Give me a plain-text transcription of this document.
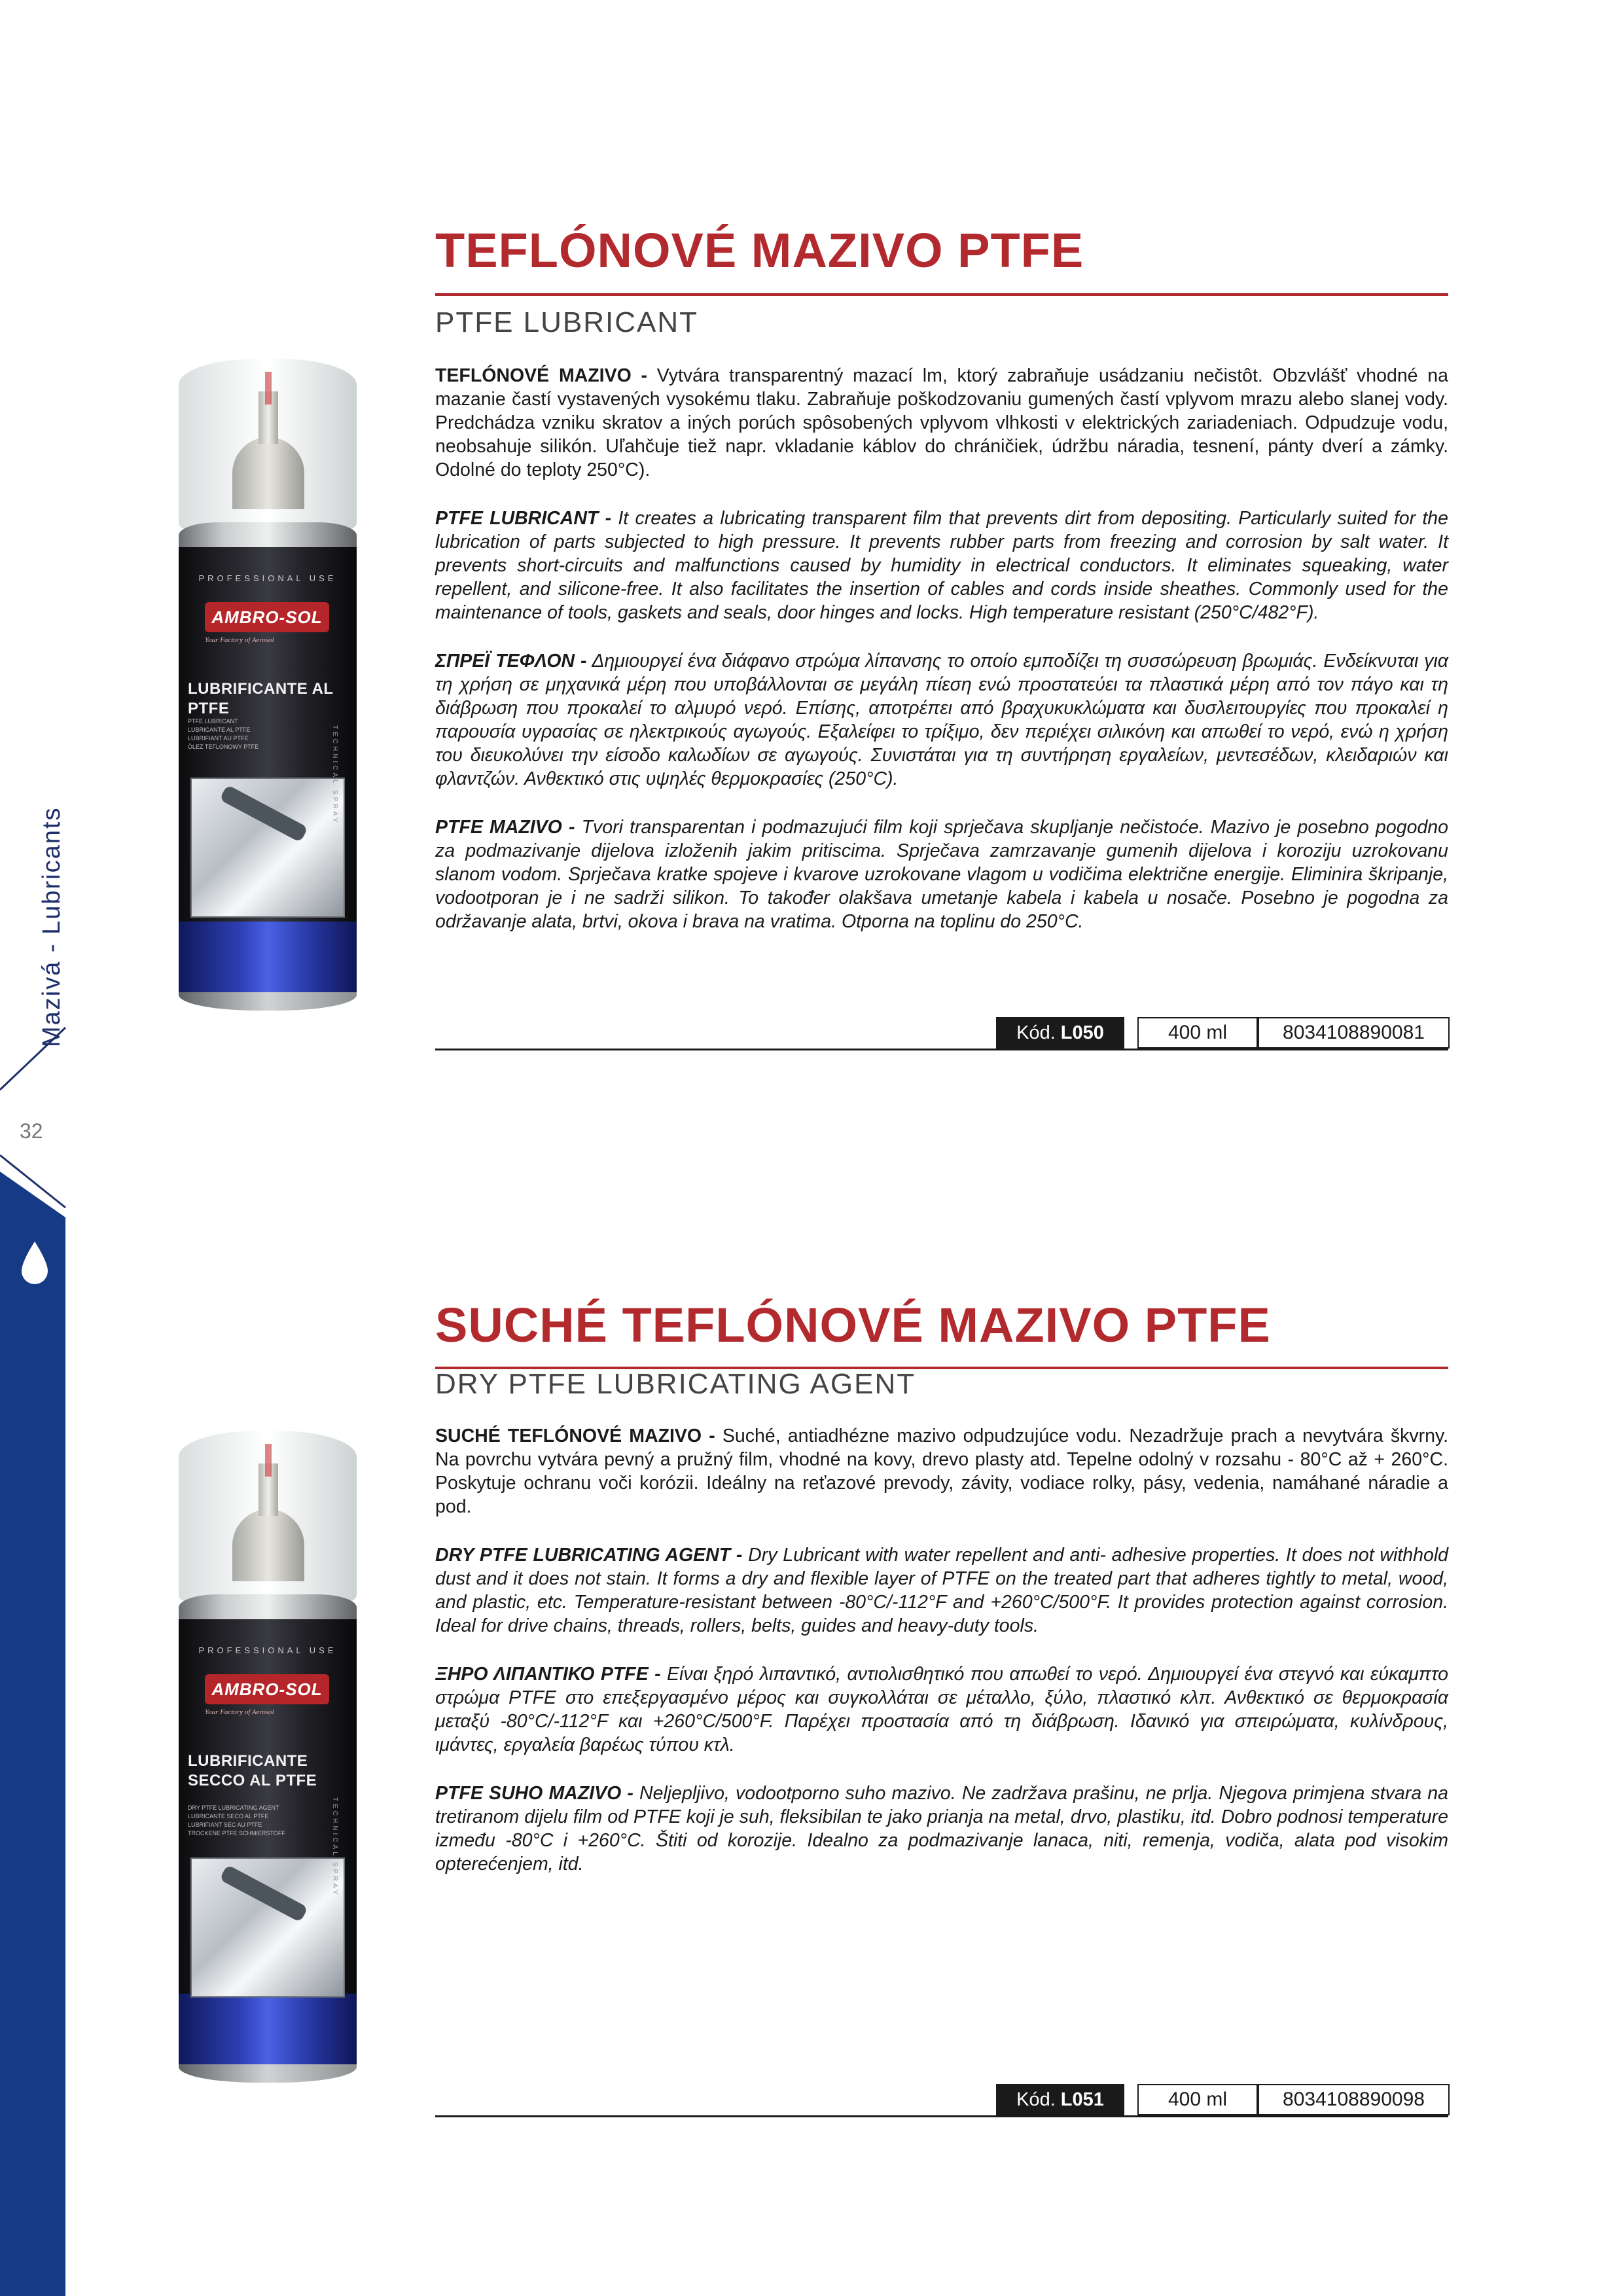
Mazivá - Lubricants
32
TEFLÓNOVÉ MAZIVO PTFE
PTFE LUBRICANT
PROFESSIONAL USE
AMBRO-SOL
Your Factory of Aerosol
LUBRIFICANTE AL PTFE
PTFE LUBRICANT
LUBRICANTE AL PTFE
LUBRIFIANT AU PTFE
ÖLEZ TEFLONOWY PTFE	TECHNICAL SPRAY

TEFLÓNOVÉ MAZIVO - Vytvára transparentný mazací lm, ktorý zabraňuje usádzaniu nečistôt. Obzvlášť vhodné na mazanie častí vystavených vysokému tlaku. Zabraňuje poškodzovaniu gumených častí vplyvom mrazu alebo slanej vody. Predchádza vzniku skratov a iných porúch spôsobených vplyvom vlhkosti v elektrických zariadeniach. Odpudzuje vodu, neobsahuje silikón. Uľahčuje tiež napr. vkladanie káblov do chráničiek, údržbu náradia, tesnení, pánty dverí a zámky. Odolné do teploty 250°C).

PTFE LUBRICANT - It creates a lubricating transparent film that prevents dirt from depositing. Particularly suited for the lubrication of parts subjected to high pressure. It prevents rubber parts from freezing and corrosion by salt water. It prevents short-circuits and malfunctions caused by humidity in electrical conductors. It eliminates squeaking, water repellent, and silicone-free. It also facilitates the insertion of cables and cords inside sheathes. Commonly used for the maintenance of tools, gaskets and seals, door hinges and locks. High temperature resistant (250°C/482°F).

ΣΠΡΕΪ ΤΕΦΛΟΝ - Δημιουργεί ένα διάφανο στρώμα λίπανσης το οποίο εμποδίζει τη συσσώρευση βρωμιάς. Ενδείκνυται για τη χρήση σε μηχανικά μέρη που υποβάλλονται σε μεγάλη πίεση ενώ προστατεύει τα πλαστικά μέρη από τον πάγο και τη διάβρωση που προκαλεί το αλμυρό νερό. Επίσης, αποτρέπει από βραχυκυκλώματα και δυσλειτουργίες που προκαλεί η παρουσία υγρασίας σε ηλεκτρικούς αγωγούς. Εξαλείφει το τρίξιμο, δεν περιέχει σιλικόνη και απωθεί το νερό, ενώ η χρήση του διευκολύνει την είσοδο καλωδίων σε αγωγούς. Συνιστάται για τη συντήρηση εργαλείων, μεντεσέδων, κλειδαριών και φλαντζών. Ανθεκτικό στις υψηλές θερμοκρασίες (250°C).

PTFE MAZIVO - Tvori transparentan i podmazujući film koji sprječava skupljanje nečistoće. Mazivo je posebno pogodno za podmazivanje dijelova izloženih jakim pritiscima. Sprječava zamrzavanje gumenih dijelova i koroziju uzrokovanu slanom vodom. Sprječava kratke spojeve i kvarove uzrokovane vlagom u vodičima električne energije. Eliminira škripanje, vodootporan je i ne sadrži silikon. To također olakšava umetanje kabela i kabela u nosače. Posebno je pogodna za održavanje alata, brtvi, okova i brava na vratima. Otporna na toplinu do 250°C.

Kód. L050	400 ml	8034108890081
SUCHÉ TEFLÓNOVÉ MAZIVO PTFE
DRY PTFE LUBRICATING AGENT
PROFESSIONAL USE
AMBRO-SOL
Your Factory of Aerosol
LUBRIFICANTE
SECCO AL PTFE
DRY PTFE LUBRICATING AGENT
LUBRICANTE SECO AL PTFE
LUBRIFIANT SEC AU PTFE
TROCKENE PTFE SCHMIERSTOFF	TECHNICAL SPRAY

SUCHÉ TEFLÓNOVÉ MAZIVO - Suché, antiadhézne mazivo odpudzujúce vodu. Nezadržuje prach a nevytvára škvrny. Na povrchu vytvára pevný a pružný film, vhodné na kovy, drevo plasty atd. Tepelne odolný v rozsahu - 80°C až + 260°C. Poskytuje ochranu voči korózii. Ideálny na reťazové prevody, závity, vodiace rolky, pásy, vedenia, namáhané náradie a pod.

DRY PTFE LUBRICATING AGENT - Dry Lubricant with water repellent and anti- adhesive properties. It does not withhold dust and it does not stain. It forms a dry and flexible layer of PTFE on the treated part that adheres tightly to metal, wood, and plastic, etc. Temperature-resistant between -80°C/-112°F and +260°C/500°F. It provides protection against corrosion. Ideal for drive chains, threads, rollers, belts, guides and heavy-duty tools.

ΞΗΡΟ ΛΙΠΑΝΤΙΚΟ PTFE - Είναι ξηρό λιπαντικό, αντιολισθητικό που απωθεί το νερό. Δημιουργεί ένα στεγνό και εύκαμπτο στρώμα PTFE στο επεξεργασμένο μέρος και συγκολλάται σε μέταλλο, ξύλο, πλαστικό κλπ. Ανθεκτικό σε θερμοκρασία μεταξύ -80°C/-112°F και +260°C/500°F. Παρέχει προστασία από τη διάβρωση. Ιδανικό για σπειρώματα, κυλίνδρους, ιμάντες, εργαλεία βαρέως τύπου κτλ.

PTFE SUHO MAZIVO - Neljepljivo, vodootporno suho mazivo. Ne zadržava prašinu, ne prlja. Njegova primjena stvara na tretiranom dijelu film od PTFE koji je suh, fleksibilan te jako prianja na metal, drvo, plastiku, itd. Dobro podnosi temperature između -80°C i +260°C. Štiti od korozije. Idealno za podmazivanje lanaca, niti, remenja, vodiča, alata pod visokim opterećenjem, itd.

Kód. L051	400 ml	8034108890098
